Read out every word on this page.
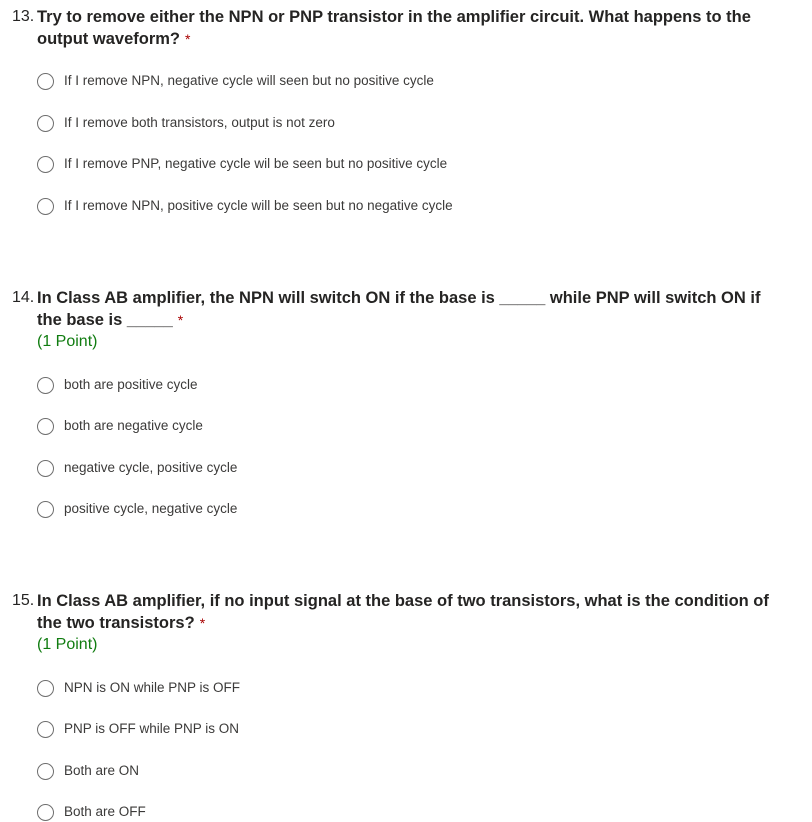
13. Try to remove either the NPN or PNP transistor in the amplifier circuit. What happens to the output waveform? *
If I remove NPN, negative cycle will seen but no positive cycle
If I remove both transistors, output is not zero
If I remove PNP, negative cycle wil be seen but no positive cycle
If I remove NPN, positive cycle will be seen but no negative cycle
14. In Class AB amplifier, the NPN will switch ON if the base is _____ while PNP will switch ON if the base is _____ *
(1 Point)
both are positive cycle
both are negative cycle
negative cycle, positive cycle
positive cycle, negative cycle
15. In Class AB amplifier, if no input signal at the base of two transistors, what is the condition of the two transistors? *
(1 Point)
NPN is ON while PNP is OFF
PNP is OFF while PNP is ON
Both are ON
Both are OFF
